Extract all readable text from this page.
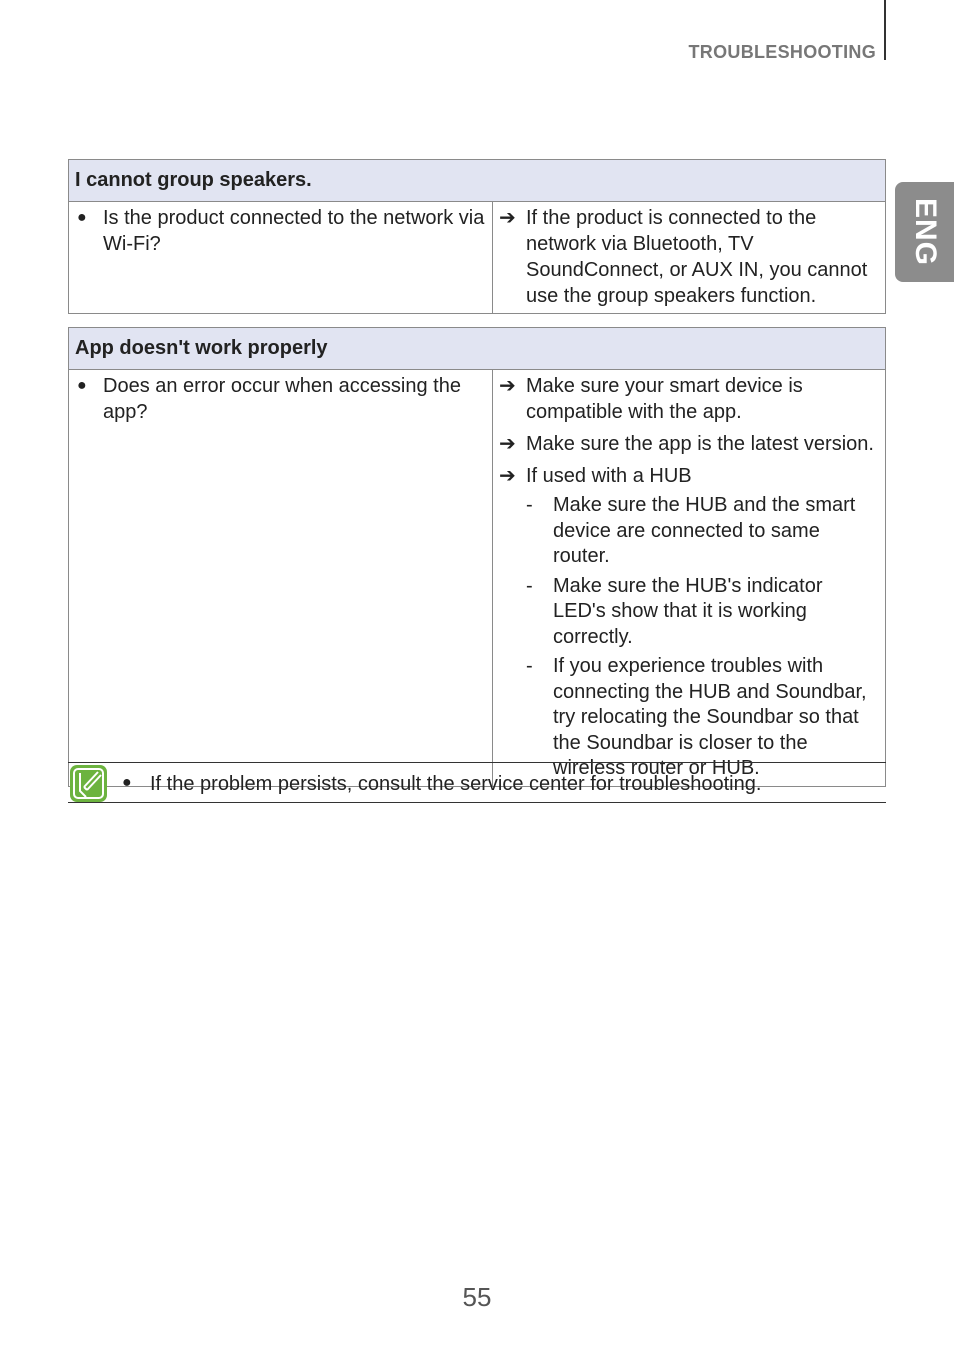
TROUBLESHOOTING
ENG
I cannot group speakers.

● Is the product connected to the network via Wi-Fi?

➔ If the product is connected to the network via Bluetooth, TV SoundConnect, or AUX IN, you cannot use the group speakers function.
App doesn't work properly

● Does an error occur when accessing the app?

➔ Make sure your smart device is compatible with the app.
➔ Make sure the app is the latest version.
➔ If used with a HUB
- Make sure the HUB and the smart device are connected to same router.
- Make sure the HUB's indicator LED's show that it is working correctly.
- If you experience troubles with connecting the HUB and Soundbar, try relocating the Soundbar so that the Soundbar is closer to the wireless router or HUB.
● If the problem persists, consult the service center for troubleshooting.
55
